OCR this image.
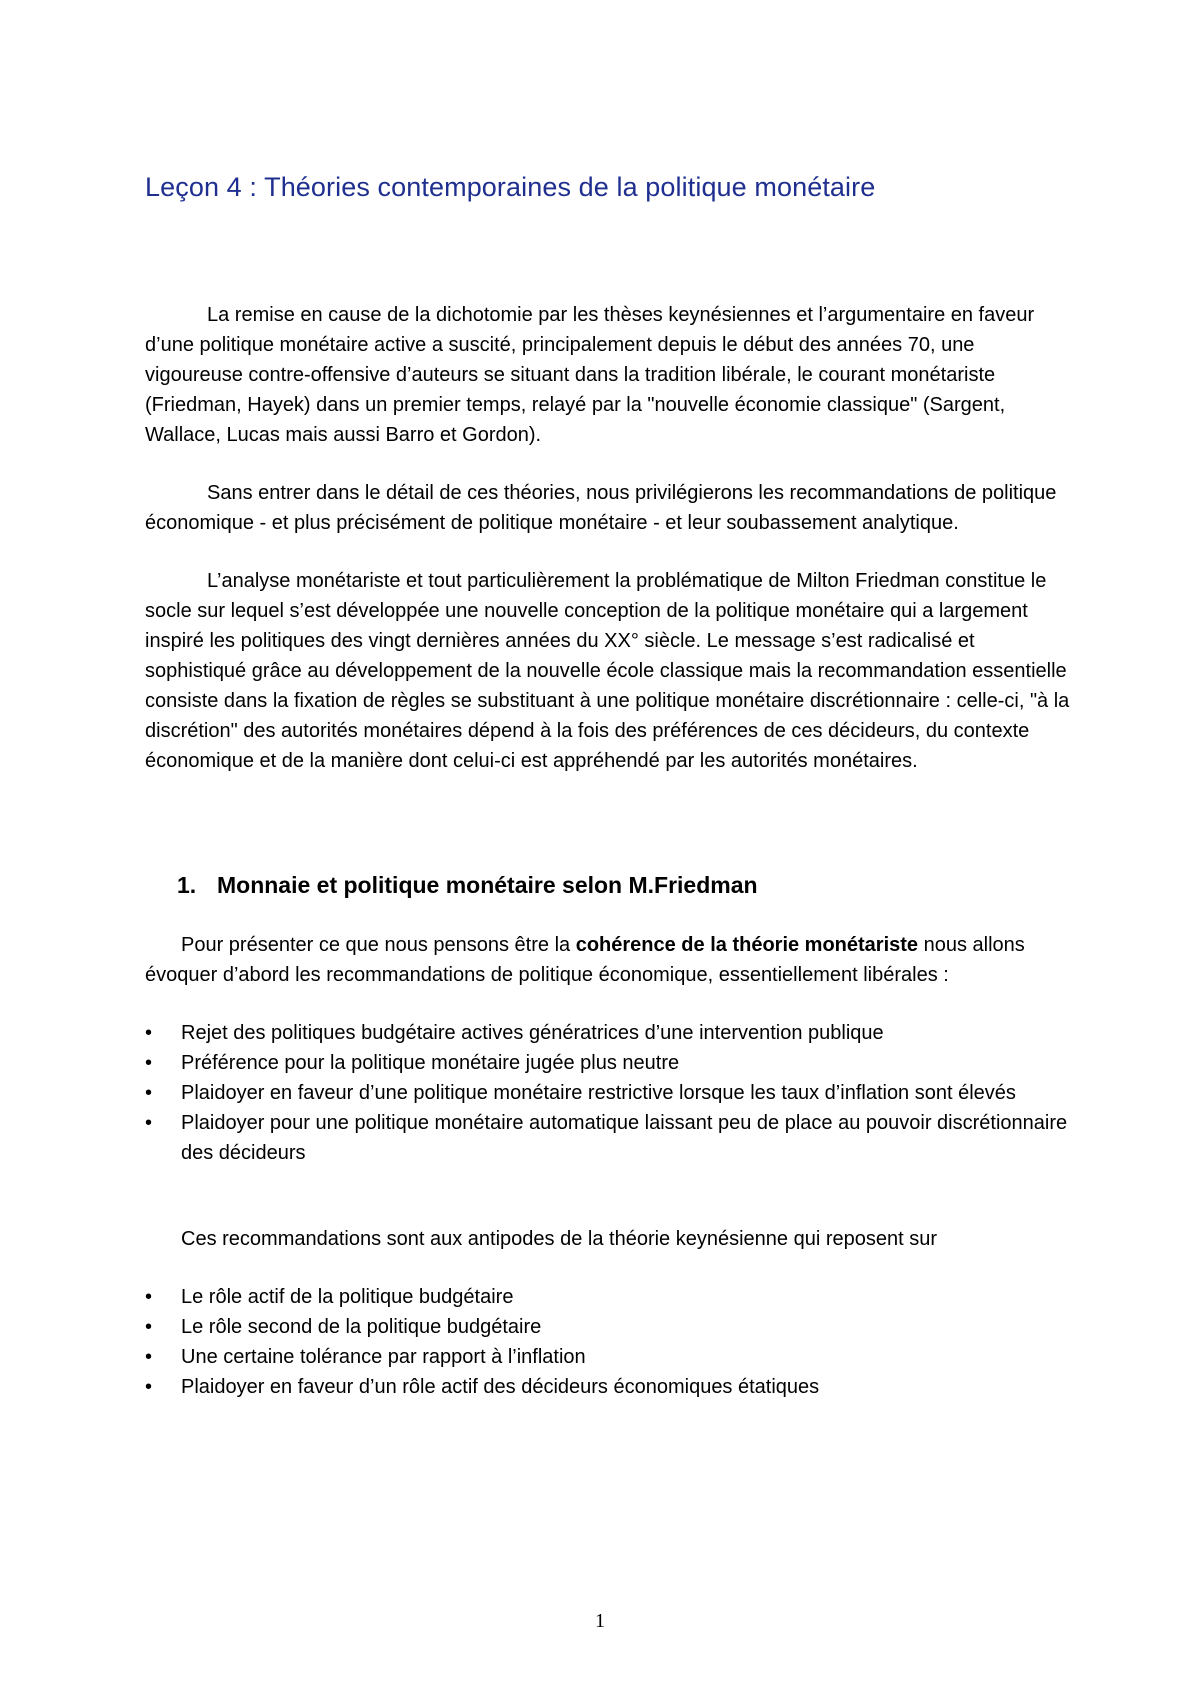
Leçon 4 : Théories contemporaines de la politique monétaire

La remise en cause de la dichotomie par les thèses keynésiennes et l’argumentaire en faveur d’une politique monétaire active a suscité, principalement depuis le début des années 70, une vigoureuse contre-offensive d’auteurs se situant dans la tradition libérale, le courant monétariste (Friedman, Hayek) dans un premier temps, relayé par la "nouvelle économie classique" (Sargent, Wallace, Lucas mais aussi Barro et Gordon).

Sans entrer dans le détail de ces théories, nous privilégierons les recommandations de politique économique - et plus précisément de politique monétaire - et leur soubassement analytique.

L’analyse monétariste et tout particulièrement la problématique de Milton Friedman constitue le socle sur lequel s’est développée une nouvelle conception de la politique monétaire qui a largement inspiré les politiques des vingt dernières années du XX° siècle. Le message s’est radicalisé et sophistiqué grâce au développement de la nouvelle école classique mais la recommandation essentielle consiste dans la fixation de règles se substituant à une politique monétaire discrétionnaire : celle-ci, "à la discrétion" des autorités monétaires dépend à la fois des préférences de ces décideurs, du contexte économique et de la manière dont celui-ci est appréhendé par les autorités monétaires.

1. Monnaie et politique monétaire selon M.Friedman

Pour présenter ce que nous pensons être la cohérence de la théorie monétariste nous allons évoquer d’abord les recommandations de politique économique, essentiellement libérales :

•	Rejet des politiques budgétaire actives génératrices d’une intervention publique
•	Préférence pour la politique monétaire jugée plus neutre
•	Plaidoyer en faveur d’une politique monétaire restrictive lorsque les taux d’inflation sont élevés
•	Plaidoyer pour une politique monétaire automatique laissant peu de place au pouvoir discrétionnaire des décideurs

Ces recommandations sont aux antipodes de la théorie keynésienne qui reposent sur

•	Le rôle actif de la politique budgétaire
•	Le rôle second de la politique budgétaire
•	Une certaine tolérance par rapport à l’inflation
•	Plaidoyer en faveur d’un rôle actif des décideurs économiques étatiques
1
